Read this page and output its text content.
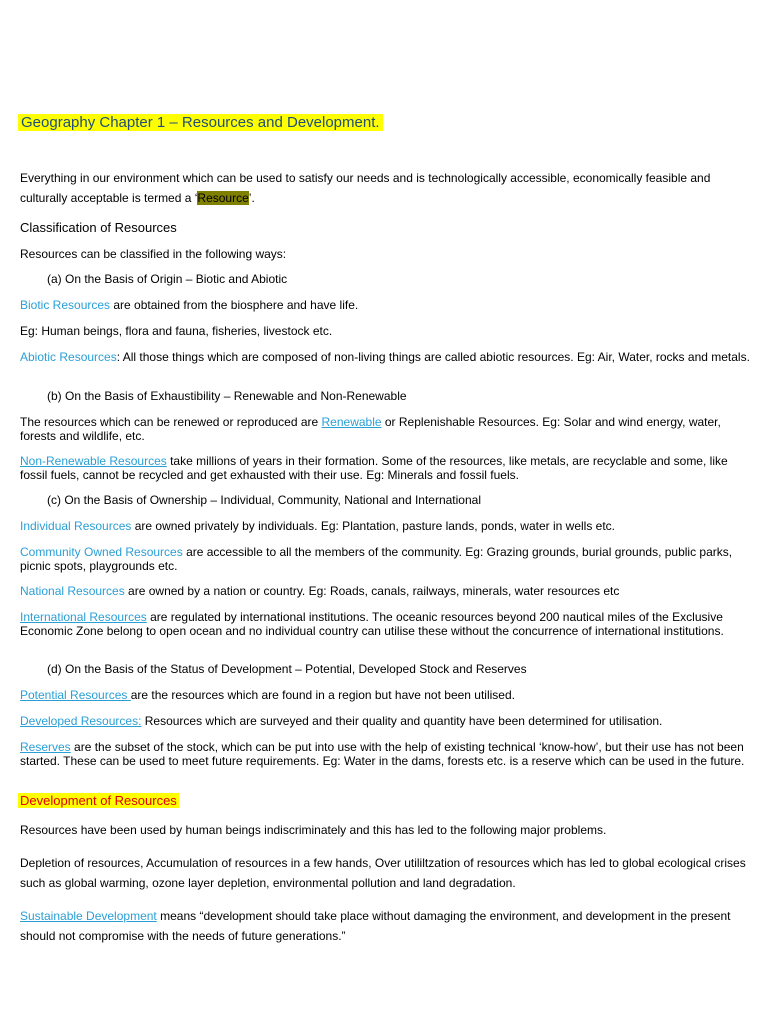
Geography Chapter 1 – Resources and Development.

Everything in our environment which can be used to satisfy our needs and is technologically accessible, economically feasible and culturally acceptable is termed a ‘Resource’.

Classification of Resources

Resources can be classified in the following ways:

(a) On the Basis of Origin – Biotic and Abiotic

Biotic Resources are obtained from the biosphere and have life.

Eg: Human beings, flora and fauna, fisheries, livestock etc.

Abiotic Resources: All those things which are composed of non-living things are called abiotic resources. Eg: Air, Water, rocks and metals.

(b) On the Basis of Exhaustibility – Renewable and Non-Renewable

The resources which can be renewed or reproduced are Renewable or Replenishable Resources. Eg: Solar and wind energy, water, forests and wildlife, etc.

Non-Renewable Resources take millions of years in their formation. Some of the resources, like metals, are recyclable and some, like fossil fuels, cannot be recycled and get exhausted with their use. Eg: Minerals and fossil fuels.

(c) On the Basis of Ownership – Individual, Community, National and International

Individual Resources are owned privately by individuals. Eg: Plantation, pasture lands, ponds, water in wells etc.

Community Owned Resources are accessible to all the members of the community. Eg: Grazing grounds, burial grounds, public parks, picnic spots, playgrounds etc.

National Resources are owned by a nation or country. Eg: Roads, canals, railways, minerals, water resources etc

International Resources are regulated by international institutions. The oceanic resources beyond 200 nautical miles of the Exclusive Economic Zone belong to open ocean and no individual country can utilise these without the concurrence of international institutions.

(d) On the Basis of the Status of Development – Potential, Developed Stock and Reserves

Potential Resources are the resources which are found in a region but have not been utilised.

Developed Resources: Resources which are surveyed and their quality and quantity have been determined for utilisation.

Reserves are the subset of the stock, which can be put into use with the help of existing technical ‘know-how’, but their use has not been started. These can be used to meet future requirements. Eg: Water in the dams, forests etc. is a reserve which can be used in the future.

Development of Resources

Resources have been used by human beings indiscriminately and this has led to the following major problems.

Depletion of resources, Accumulation of resources in a few hands, Over utililtzation of resources which has led to global ecological crises such as global warming, ozone layer depletion, environmental pollution and land degradation.

Sustainable Development means “development should take place without damaging the environment, and development in the present should not compromise with the needs of future generations.”
